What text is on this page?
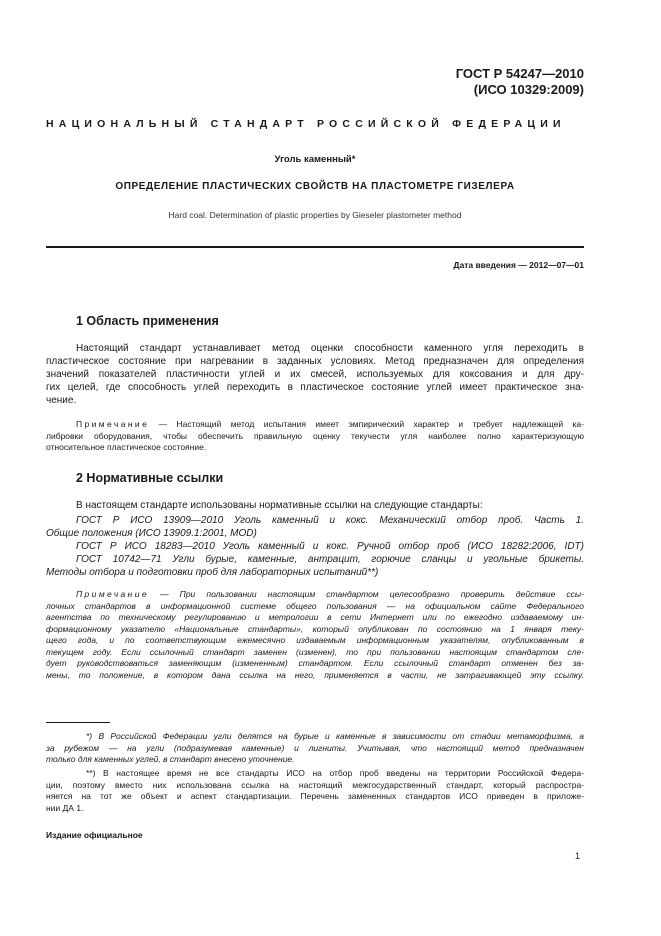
ГОСТ Р 54247—2010
(ИСО 10329:2009)
НАЦИОНАЛЬНЫЙ СТАНДАРТ РОССИЙСКОЙ ФЕДЕРАЦИИ
Уголь каменный*
ОПРЕДЕЛЕНИЕ ПЛАСТИЧЕСКИХ СВОЙСТВ НА ПЛАСТОМЕТРЕ ГИЗЕЛЕРА
Hard coal. Determination of plastic properties by Gieseler plastometer method
Дата введения — 2012—07—01
1 Область применения
Настоящий стандарт устанавливает метод оценки способности каменного угля переходить в
пластическое состояние при нагревании в заданных условиях. Метод предназначен для определения
значений показателей пластичности углей и их смесей, используемых для коксования и для дру-
гих целей, где способность углей переходить в пластическое состояние углей имеет практическое зна-
чение.
Примечание — Настоящий метод испытания имеет эмпирический характер и требует надлежащей ка-
либровки оборудования, чтобы обеспечить правильную оценку текучести угля наиболее полно характеризующую
относительное пластическое состояние.
2 Нормативные ссылки
В настоящем стандарте использованы нормативные ссылки на следующие стандарты:
ГОСТ Р ИСО 13909—2010 Уголь каменный и кокс. Механический отбор проб. Часть 1.
Общие положения (ИСО 13909.1:2001, MOD)
ГОСТ Р ИСО 18283—2010 Уголь каменный и кокс. Ручной отбор проб (ИСО 18282:2006, IDT)
ГОСТ 10742—71 Угли бурые, каменные, антрацит, горючие сланцы и угольные брикеты.
Методы отбора и подготовки проб для лабораторных испытаний**)
Примечание — При пользовании настоящим стандартом целесообразно проверить действие ссы-
лочных стандартов в информационной системе общего пользования — на официальном сайте Федерального
агентства по техническому регулированию и метрологии в сети Интернет или по ежегодно издаваемому ин-
формационному указателю «Национальные стандарты», который опубликован по состоянию на 1 января теку-
щего года, и по соответствующим ежемесячно издаваемым информационным указателям, опубликованным в
текущем году. Если ссылочный стандарт заменен (изменен), то при пользовании настоящим стандартом сле-
дует руководствоваться заменяющим (измененным) стандартом. Если ссылочный стандарт отменен без за-
мены, то положение, в котором дана ссылка на него, применяется в части, не затрагивающей эту ссылку.
*) В Российской Федерации угли делятся на бурые и каменные в зависимости от стадии метаморфизма, а
за рубежом — на угли (подразумевая каменные) и лигниты. Учитывая, что настоящий метод предназначен
только для каменных углей, в стандарт внесено уточнение.
**) В настоящее время не все стандарты ИСО на отбор проб введены на территории Российской Федера-
ции, поэтому вместо них использована ссылка на настоящий межгосударственный стандарт, который распростра-
няется на тот же объект и аспект стандартизации. Перечень замененных стандартов ИСО приведен в приложе-
нии ДА 1.
Издание официальное
1
